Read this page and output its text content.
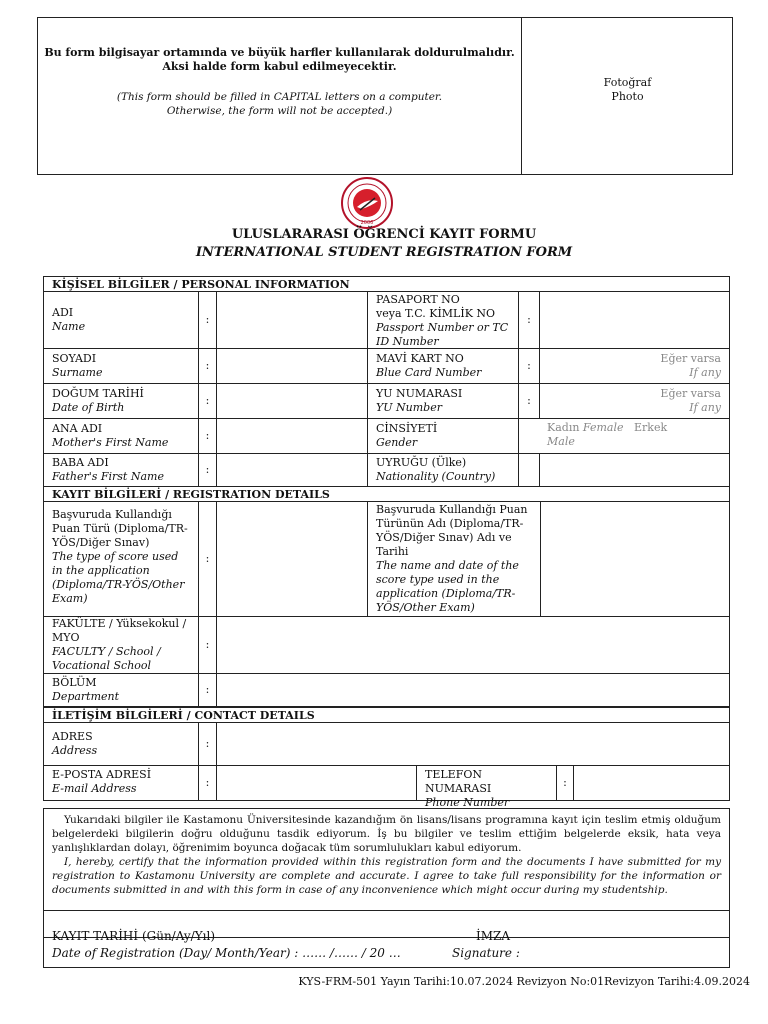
Bu form bilgisayar ortamında ve büyük harfler kullanılarak doldurulmalıdır.
Aksi halde form kabul edilmeyecektir.
(This form should be filled in CAPITAL letters on a computer.
Otherwise, the form will not be accepted.)
Fotoğraf
Photo
2006
ULUSLARARASI ÖĞRENCİ KAYIT FORMU
INTERNATIONAL STUDENT REGISTRATION FORM
KİŞİSEL BİLGİLER / PERSONAL INFORMATION
ADI
Name
:
PASAPORT NO
veya T.C. KİMLİK NO
Passport Number or TC
ID Number
:
SOYADI
Surname
:
MAVİ KART NO
Blue Card Number
:
Eğer varsa
If any
DOĞUM TARİHİ
Date of Birth
:
YU NUMARASI
YU Number
:
Eğer varsa
If any
ANA ADI
Mother's First Name
:
CİNSİYETİ
Gender
Kadın Female Erkek
Male
BABA ADI
Father's First Name
:
UYRUĞU (Ülke)
Nationality (Country)
KAYIT BİLGİLERİ / REGISTRATION DETAILS
Başvuruda Kullandığı Puan Türü (Diploma/TR-YÖS/Diğer Sınav)
The type of score used in the application (Diploma/TR-YÖS/Other Exam)
:
Başvuruda Kullandığı Puan Türünün Adı (Diploma/TR-YÖS/Diğer Sınav) Adı ve Tarihi
The name and date of the score type used in the application (Diploma/TR-YÖS/Other Exam)
FAKÜLTE / Yüksekokul / MYO
FACULTY / School / Vocational School
:
BÖLÜM
Department
:
İLETİŞİM BİLGİLERİ / CONTACT DETAILS
ADRES
Address
:
E-POSTA ADRESİ
E-mail Address	:
TELEFON NUMARASI
Phone Number
:
Yukarıdaki bilgiler ile Kastamonu Üniversitesinde kazandığım ön lisans/lisans programına kayıt için teslim etmiş olduğum belgelerdeki bilgilerin doğru olduğunu tasdik ediyorum. İş bu bilgiler ve teslim ettiğim belgelerde eksik, hata veya yanlışlıklardan dolayı, öğrenimim boyunca doğacak tüm sorumlulukları kabul ediyorum.
I, hereby, certify that the information provided within this registration form and the documents I have submitted for my registration to Kastamonu University are complete and accurate. I agree to take full responsibility for the information or documents submitted in and with this form in case of any inconvenience which might occur during my studentship.
KAYIT TARİHİ (Gün/Ay/Yıl)
Date of Registration (Day/ Month/Year) : …… /…… / 20 …
İMZA
Signature :
KYS-FRM-501 Yayın Tarihi:10.07.2024 Revizyon No:01Revizyon Tarihi:4.09.2024
